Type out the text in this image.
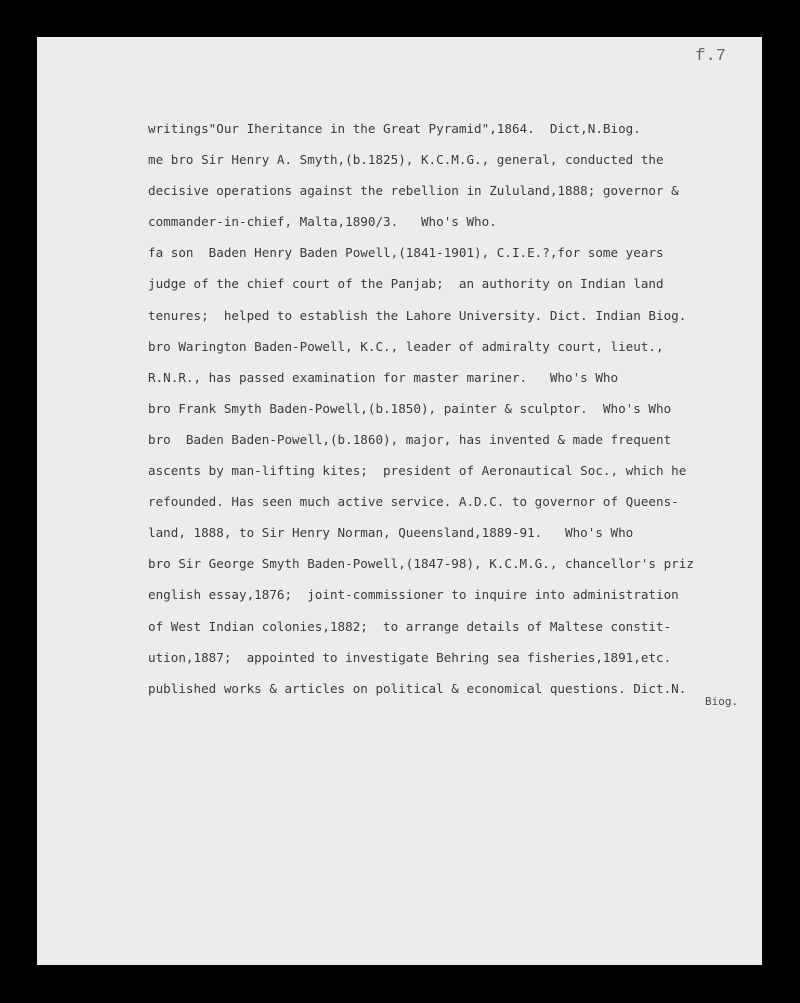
f.7
writings"Our Iheritance in the Great Pyramid",1864.  Dict,N.Biog.
me bro Sir Henry A. Smyth,(b.1825), K.C.M.G., general, conducted the
decisive operations against the rebellion in Zululand,1888; governor &
commander-in-chief, Malta,1890/3.   Who's Who.
fa son  Baden Henry Baden Powell,(1841-1901), C.I.E.?,for some years
judge of the chief court of the Panjab;  an authority on Indian land
tenures;  helped to establish the Lahore University. Dict. Indian Biog.
bro Warington Baden-Powell, K.C., leader of admiralty court, lieut.,
R.N.R., has passed examination for master mariner.   Who's Who
bro Frank Smyth Baden-Powell,(b.1850), painter & sculptor.  Who's Who
bro  Baden Baden-Powell,(b.1860), major, has invented & made frequent
ascents by man-lifting kites;  president of Aeronautical Soc., which he
refounded. Has seen much active service. A.D.C. to governor of Queens-
land, 1888, to Sir Henry Norman, Queensland,1889-91.   Who's Who
bro Sir George Smyth Baden-Powell,(1847-98), K.C.M.G., chancellor's priz
english essay,1876;  joint-commissioner to inquire into administration
of West Indian colonies,1882;  to arrange details of Maltese constit-
ution,1887;  appointed to investigate Behring sea fisheries,1891,etc.
published works & articles on political & economical questions. Dict.N.
Biog.
